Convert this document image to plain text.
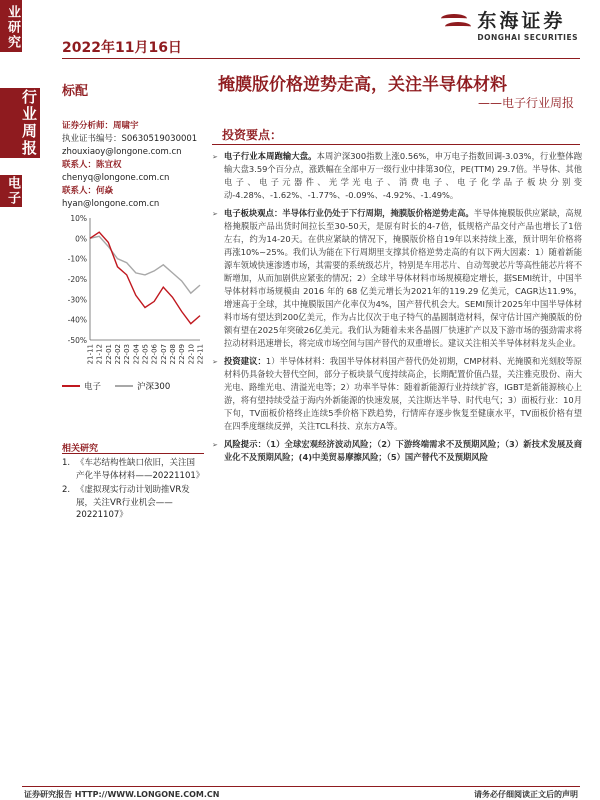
业研究
行业周报
电子
2022年11月16日
东海证券
DONGHAI SECURITIES
标配	掩膜版价格逆势走高，关注半导体材料
——电子行业周报
证券分析师：周啸宇
执业证书编号：S0630519030001
zhouxiaoy@longone.com.cn
联系人：陈宜权
chenyq@longone.com.cn
联系人：何焱
hyan@longone.com.cn
10%
0%
-10%
-20%
-30%
-40%
-50%
21-11 21-12 22-01 22-02 22-03 22-04 22-05 22-06 22-07 22-08 22-09 22-10 22-11
电子	沪深300
相关研究
1. 《车芯结构性缺口依旧，关注国产化半导体材料——20221101》
2. 《虚拟现实行动计划助推VR发展，关注VR行业机会——20221107》
投资要点：
➢ 电子行业本周跑输大盘。本周沪深300指数上涨0.56%，申万电子指数回调-3.03%，行业整体跑输大盘3.59个百分点，涨跌幅在全部申万一级行业中排第30位，PE(TTM) 29.7倍。半导体、其他电子、电子元器件、光学光电子、消费电子、电子化学品子板块分别变动-4.28%、-1.62%、-1.77%、-0.09%、-4.92%、-1.49%。
➢ 电子板块观点：半导体行业仍处于下行周期，掩膜版价格逆势走高。半导体掩膜版供应紧缺，高规格掩膜版产品出货时间拉长至30-50天，是原有时长的4-7倍，低规格产品交付产品也增长了1倍左右，约为14-20天。在供应紧缺的情况下，掩膜版价格自19年以来持续上涨，预计明年价格将再涨10%~25%。我们认为能在下行周期里支撑其价格逆势走高的有以下两大因素：1）随着新能源车领域快速渗透市场，其需要的系统级芯片，特别是车用芯片、自动驾驶芯片等高性能芯片将不断增加，从而加剧供应紧张的情况；2）全球半导体材料市场规模稳定增长，据SEMI统计，中国半导体材料市场规模由 2016 年的 68 亿美元增长为2021年的119.29 亿美元，CAGR达11.9%，增速高于全球，其中掩膜版国产化率仅为4%，国产替代机会大。SEMI预计2025年中国半导体材料市场有望达到200亿美元，作为占比仅次于电子特气的晶圆制造材料，保守估计国产掩膜版的份额有望在2025年突破26亿美元。我们认为随着未来各晶圆厂快速扩产以及下游市场的强劲需求将拉动材料迅速增长，将完成市场空间与国产替代的双重增长。建议关注相关半导体材料龙头企业。
➢ 投资建议：1）半导体材料：我国半导体材料国产替代仍处初期，CMP材料、光掩膜和光刻胶等原材料仍具备较大替代空间，部分子板块景气度持续高企，长期配置价值凸显，关注雅克股份、南大光电、路维光电、清溢光电等；2）功率半导体：随着新能源行业持续扩容，IGBT是新能源核心上游，将有望持续受益于海内外新能源的快速发展，关注斯达半导、时代电气；3）面板行业：10月下旬，TV面板价格终止连续5季价格下跌趋势，行情库存逐步恢复至健康水平，TV面板价格有望在四季度继续反弹，关注TCL科技、京东方A等。
➢ 风险提示：（1）全球宏观经济波动风险；（2）下游终端需求不及预期风险；（3）新技术发展及商业化不及预期风险；(4)中美贸易摩擦风险；（5）国产替代不及预期风险
证券研究报告 HTTP://WWW.LONGONE.COM.CN	请务必仔细阅读正文后的声明
